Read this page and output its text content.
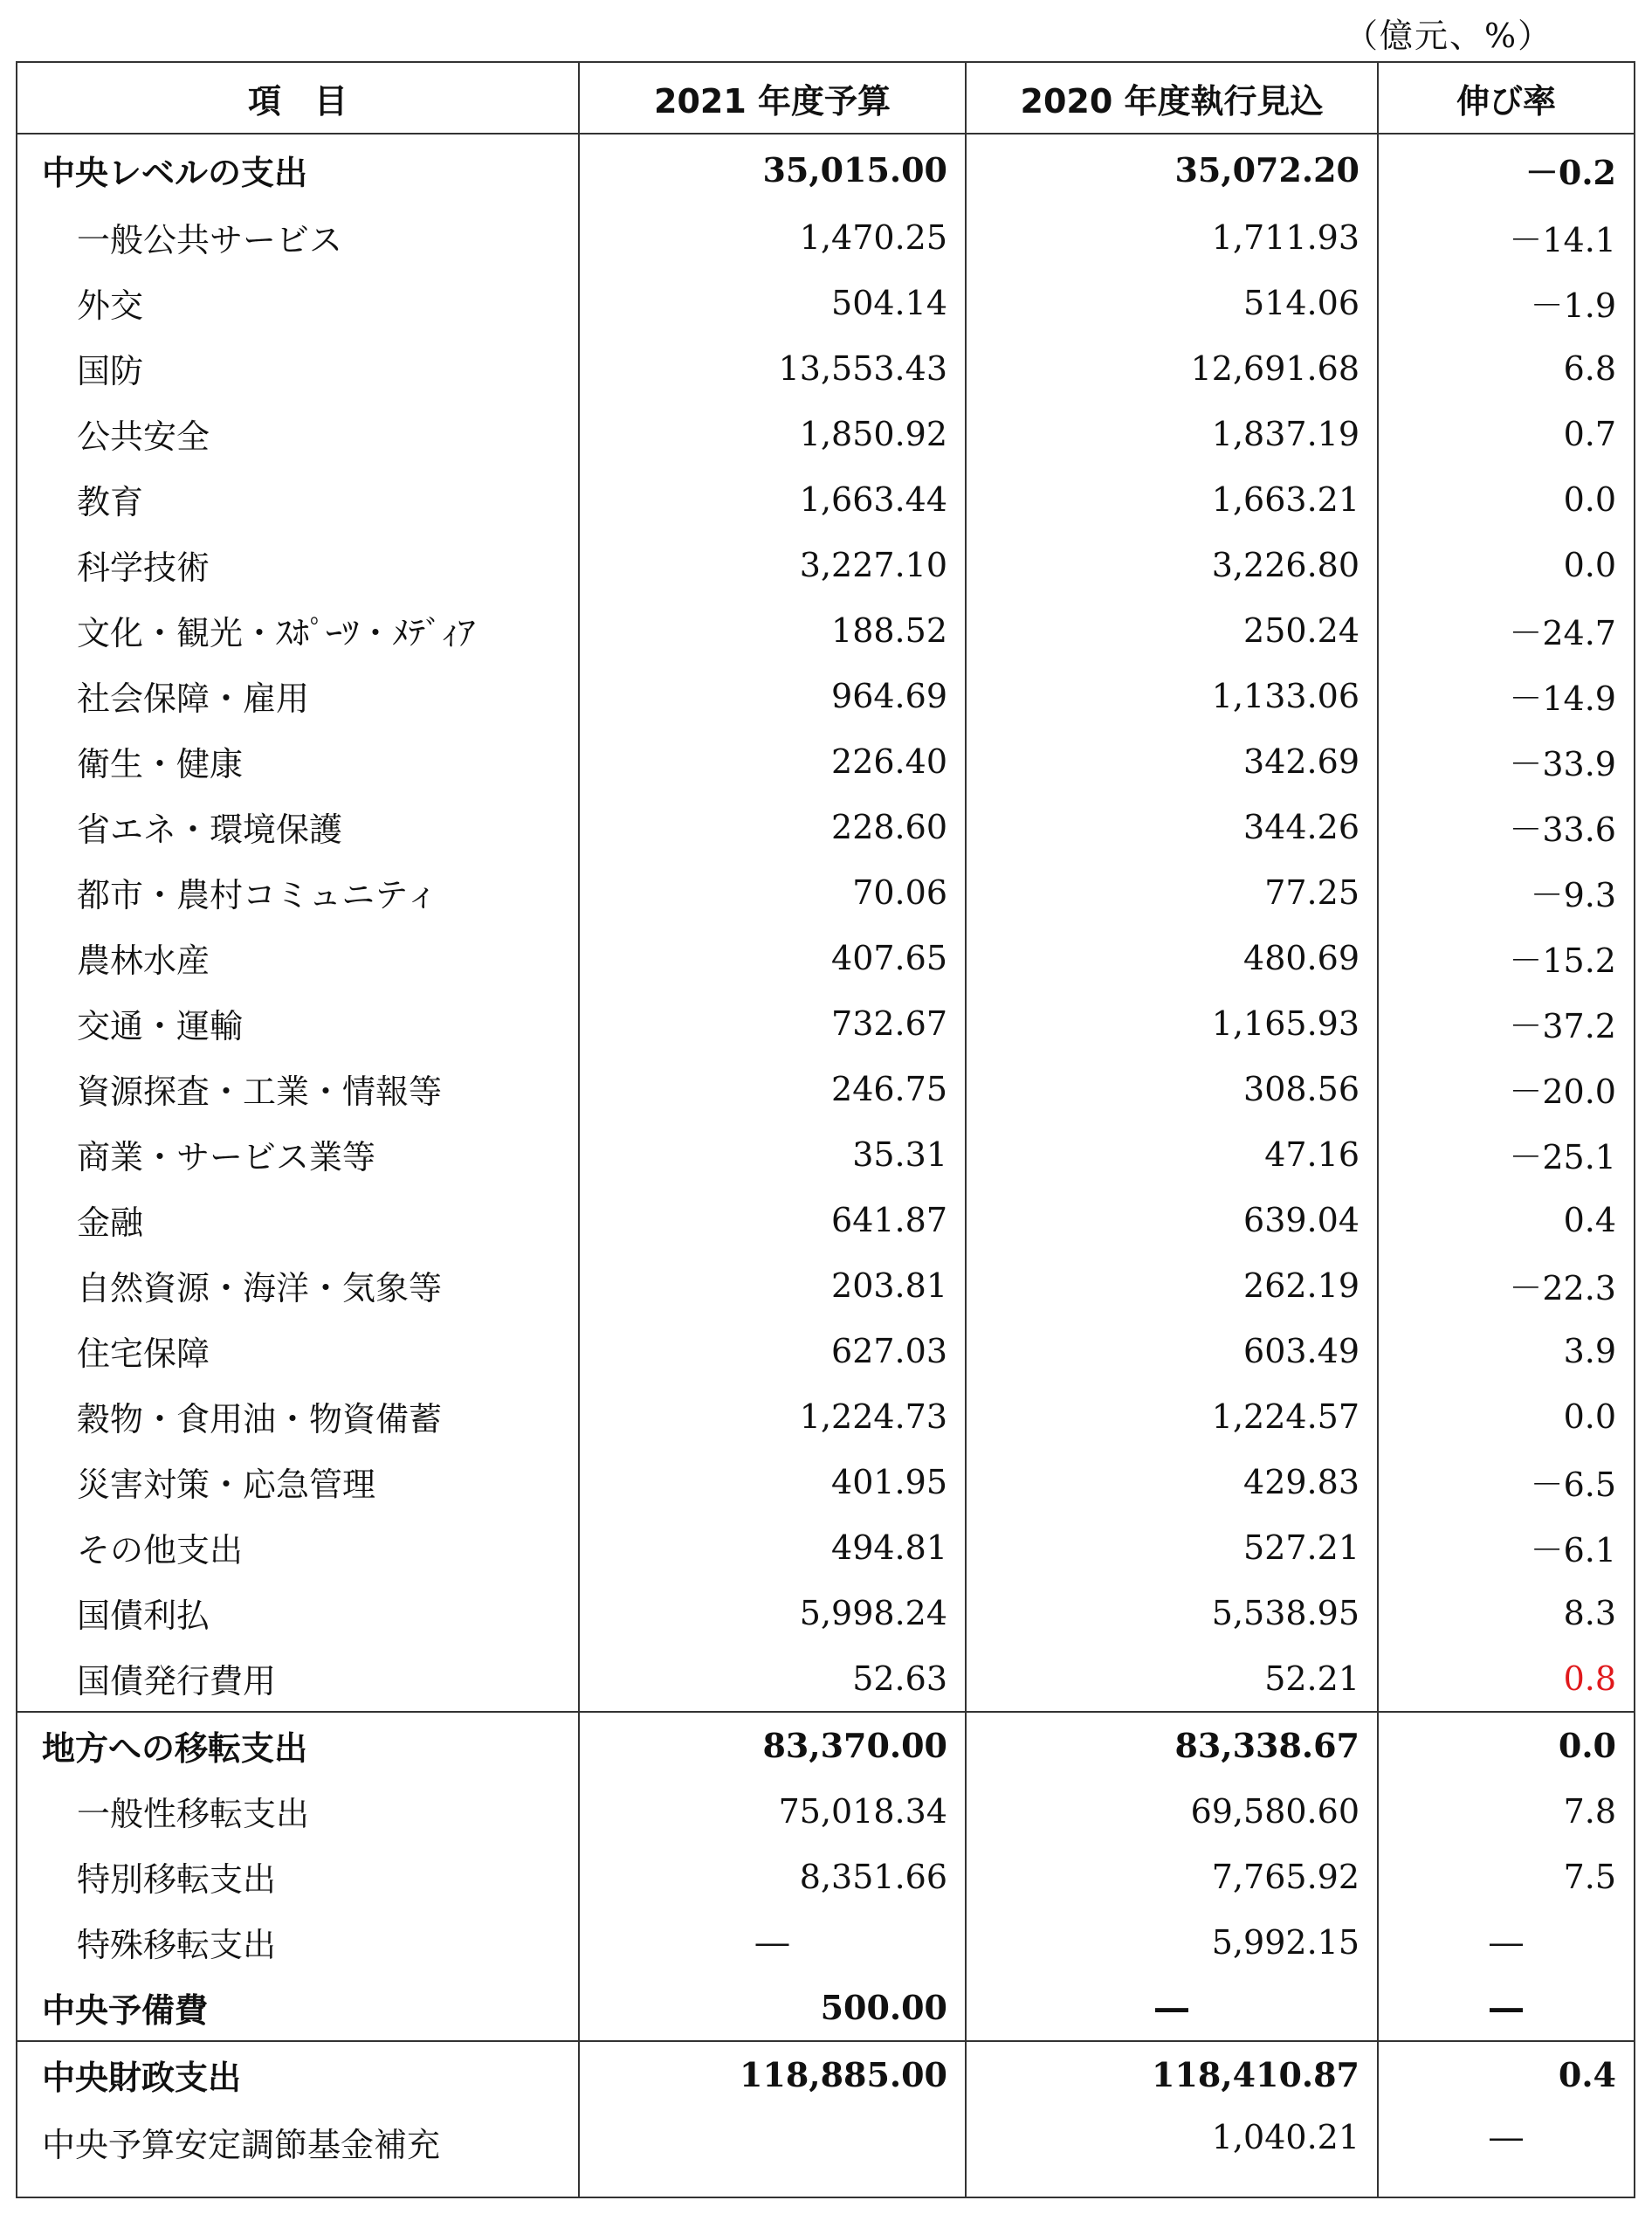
（億元、%）
項　目	2021 年度予算	2020 年度執行見込	伸び率
中央レベルの支出	35,015.00	35,072.20	－0.2
一般公共サービス	1,470.25	1,711.93	－14.1
外交	504.14	514.06	－1.9
国防	13,553.43	12,691.68	6.8
公共安全	1,850.92	1,837.19	0.7
教育	1,663.44	1,663.21	0.0
科学技術	3,227.10	3,226.80	0.0
文化・観光・ｽﾎﾟｰﾂ・ﾒﾃﾞｨｱ	188.52	250.24	－24.7
社会保障・雇用	964.69	1,133.06	－14.9
衛生・健康	226.40	342.69	－33.9
省エネ・環境保護	228.60	344.26	－33.6
都市・農村コミュニティ	70.06	77.25	－9.3
農林水産	407.65	480.69	－15.2
交通・運輸	732.67	1,165.93	－37.2
資源探査・工業・情報等	246.75	308.56	－20.0
商業・サービス業等	35.31	47.16	－25.1
金融	641.87	639.04	0.4
自然資源・海洋・気象等	203.81	262.19	－22.3
住宅保障	627.03	603.49	3.9
穀物・食用油・物資備蓄	1,224.73	1,224.57	0.0
災害対策・応急管理	401.95	429.83	－6.5
その他支出	494.81	527.21	－6.1
国債利払	5,998.24	5,538.95	8.3
国債発行費用	52.63	52.21	0.8
地方への移転支出	83,370.00	83,338.67	0.0
一般性移転支出	75,018.34	69,580.60	7.8
特別移転支出	8,351.66	7,765.92	7.5
特殊移転支出	―	5,992.15	―
中央予備費	500.00	―	―
中央財政支出	118,885.00	118,410.87	0.4
中央予算安定調節基金補充		1,040.21	―
